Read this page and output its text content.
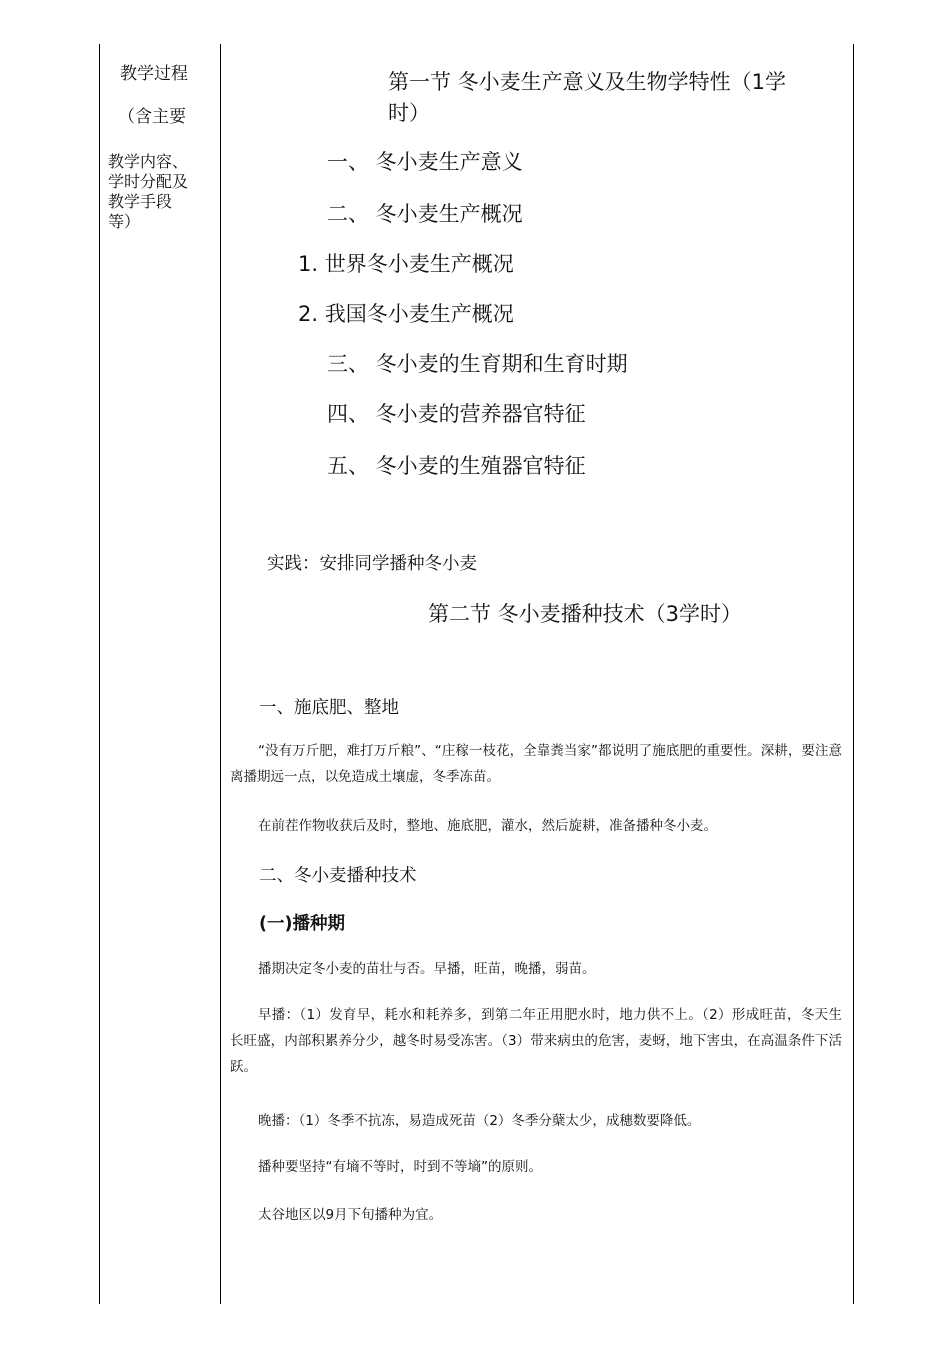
教学过程

（含主要

教学内容、
学时分配及
教学手段
等）

第一节 冬小麦生产意义及生物学特性（1学

时）

一、 冬小麦生产意义

二、 冬小麦生产概况

1. 世界冬小麦生产概况

2. 我国冬小麦生产概况

三、 冬小麦的生育期和生育时期

四、 冬小麦的营养器官特征

五、 冬小麦的生殖器官特征

实践：安排同学播种冬小麦

第二节 冬小麦播种技术（3学时）

一、施底肥、整地

“没有万斤肥，难打万斤粮”、“庄稼一枝花，全靠粪当家”都说明了施底肥的重要性。深耕，要注意离播期远一点，以免造成土壤虚，冬季冻苗。

在前茬作物收获后及时，整地、施底肥，灌水，然后旋耕，准备播种冬小麦。

二、冬小麦播种技术

(一)播种期

播期决定冬小麦的苗壮与否。早播，旺苗，晚播，弱苗。

早播：（1）发育早，耗水和耗养多，到第二年正用肥水时，地力供不上。（2）形成旺苗，冬天生长旺盛，内部积累养分少，越冬时易受冻害。（3）带来病虫的危害，麦蚜，地下害虫，在高温条件下活跃。

晚播：（1）冬季不抗冻，易造成死苗（2）冬季分蘖太少，成穗数要降低。

播种要坚持“有墒不等时，时到不等墒”的原则。

太谷地区以9月下旬播种为宜。
